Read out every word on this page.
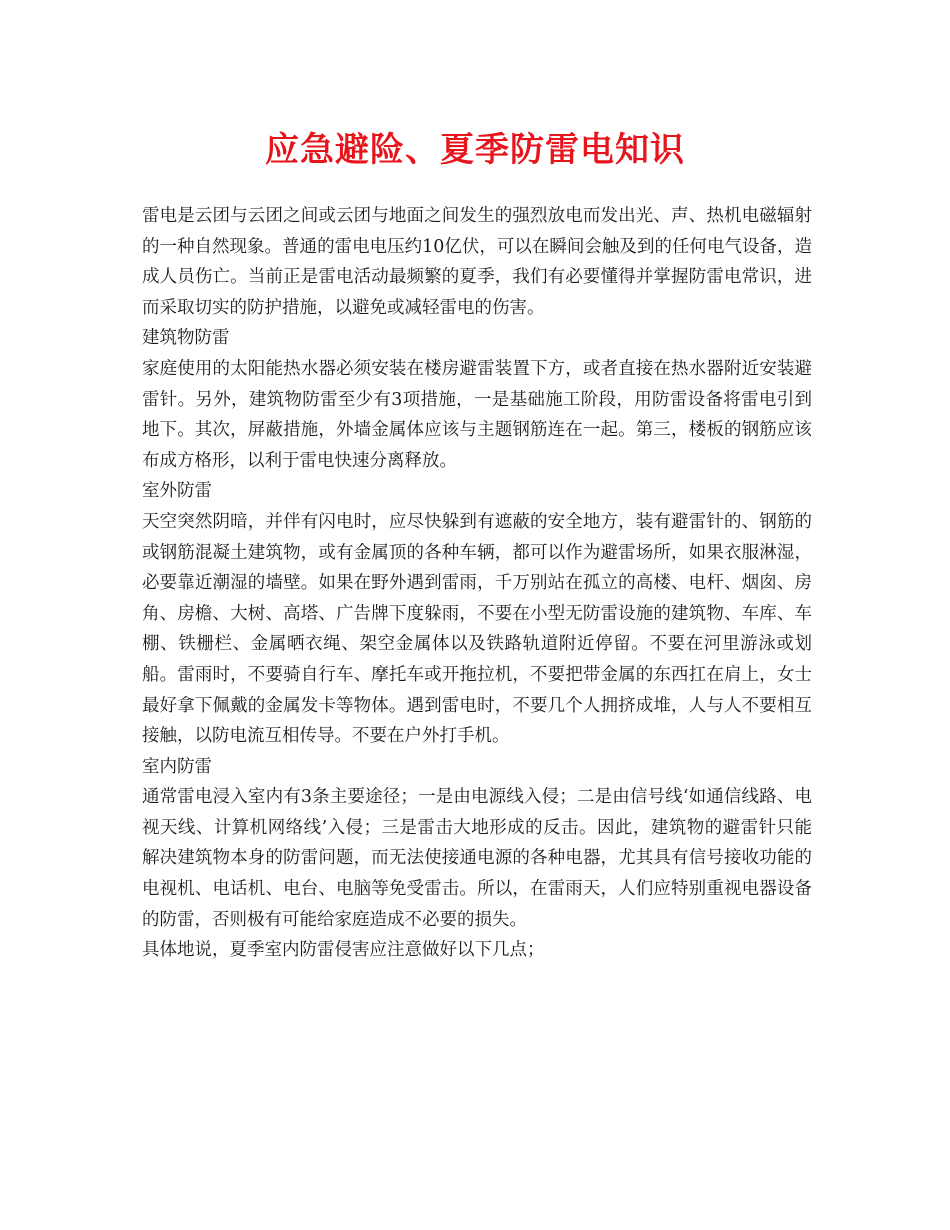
应急避险、夏季防雷电知识

雷电是云团与云团之间或云团与地面之间发生的强烈放电而发出光、声、热机电磁辐射的一种自然现象。普通的雷电电压约10亿伏，可以在瞬间会触及到的任何电气设备，造成人员伤亡。当前正是雷电活动最频繁的夏季，我们有必要懂得并掌握防雷电常识，进而采取切实的防护措施，以避免或减轻雷电的伤害。

建筑物防雷

家庭使用的太阳能热水器必须安装在楼房避雷装置下方，或者直接在热水器附近安装避雷针。另外，建筑物防雷至少有3项措施，一是基础施工阶段，用防雷设备将雷电引到地下。其次，屏蔽措施，外墙金属体应该与主题钢筋连在一起。第三，楼板的钢筋应该布成方格形，以利于雷电快速分离释放。

室外防雷

天空突然阴暗，并伴有闪电时，应尽快躲到有遮蔽的安全地方，装有避雷针的、钢筋的或钢筋混凝土建筑物，或有金属顶的各种车辆，都可以作为避雷场所，如果衣服淋湿，必要靠近潮湿的墙壁。如果在野外遇到雷雨，千万别站在孤立的高楼、电杆、烟囱、房角、房檐、大树、高塔、广告牌下度躲雨，不要在小型无防雷设施的建筑物、车库、车棚、铁栅栏、金属晒衣绳、架空金属体以及铁路轨道附近停留。不要在河里游泳或划船。雷雨时，不要骑自行车、摩托车或开拖拉机，不要把带金属的东西扛在肩上，女士最好拿下佩戴的金属发卡等物体。遇到雷电时，不要几个人拥挤成堆，人与人不要相互接触，以防电流互相传导。不要在户外打手机。

室内防雷

通常雷电浸入室内有3条主要途径；一是由电源线入侵；二是由信号线‘如通信线路、电视天线、计算机网络线’入侵；三是雷击大地形成的反击。因此，建筑物的避雷针只能解决建筑物本身的防雷问题，而无法使接通电源的各种电器，尤其具有信号接收功能的电视机、电话机、电台、电脑等免受雷击。所以，在雷雨天，人们应特别重视电器设备的防雷，否则极有可能给家庭造成不必要的损失。

具体地说，夏季室内防雷侵害应注意做好以下几点；
